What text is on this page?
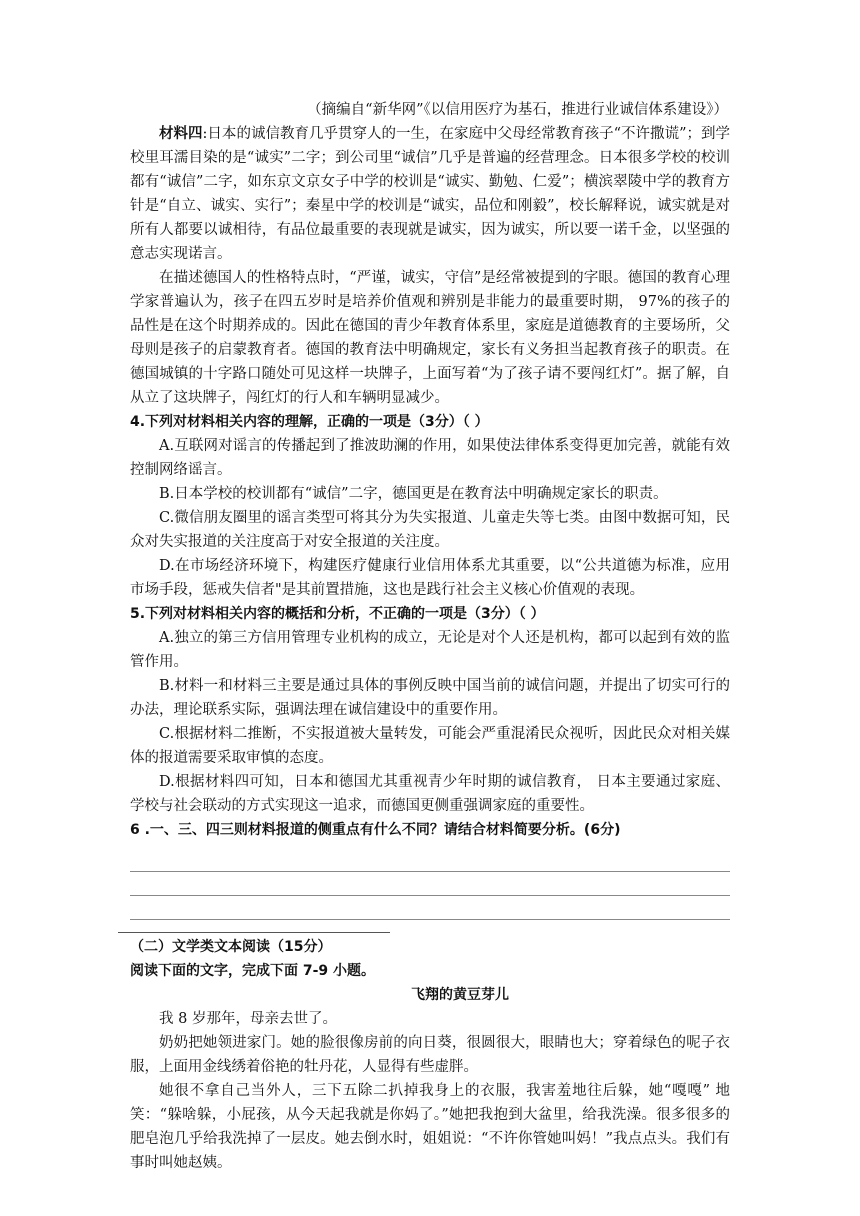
（摘编自“新华网”《以信用医疗为基石，推进行业诚信体系建设》）

材料四:日本的诚信教育几乎贯穿人的一生，在家庭中父母经常教育孩子“不许撒谎”；到学校里耳濡目染的是“诚实”二字；到公司里“诚信”几乎是普遍的经营理念。日本很多学校的校训都有“诚信”二字，如东京文京女子中学的校训是“诚实、勤勉、仁爱”；横滨翠陵中学的教育方针是“自立、诚实、实行”；秦星中学的校训是“诚实，品位和刚毅”，校长解释说，诚实就是对所有人都要以诚相待，有品位最重要的表现就是诚实，因为诚实，所以要一诺千金，以坚强的意志实现诺言。

在描述德国人的性格特点时，“严谨，诚实，守信”是经常被提到的字眼。德国的教育心理学家普遍认为，孩子在四五岁时是培养价值观和辨别是非能力的最重要时期， 97%的孩子的品性是在这个时期养成的。因此在德国的青少年教育体系里，家庭是道德教育的主要场所，父母则是孩子的启蒙教育者。德国的教育法中明确规定，家长有义务担当起教育孩子的职责。在德国城镇的十字路口随处可见这样一块牌子，上面写着“为了孩子请不要闯红灯”。据了解，自从立了这块牌子，闯红灯的行人和车辆明显减少。

4.下列对材料相关内容的理解，正确的一项是（3分）（ ）

A.互联网对谣言的传播起到了推波助澜的作用，如果使法律体系变得更加完善，就能有效控制网络谣言。

B.日本学校的校训都有“诚信”二字，德国更是在教育法中明确规定家长的职责。

C.微信朋友圈里的谣言类型可将其分为失实报道、儿童走失等七类。由图中数据可知，民众对失实报道的关注度高于对安全报道的关注度。

D.在市场经济环境下，构建医疗健康行业信用体系尤其重要，以“公共道德为标准，应用市场手段，惩戒失信者"是其前置措施，这也是践行社会主义核心价值观的表现。

5.下列对材料相关内容的概括和分析，不正确的一项是（3分）（ ）

A.独立的第三方信用管理专业机构的成立，无论是对个人还是机构，都可以起到有效的监管作用。

B.材料一和材料三主要是通过具体的事例反映中国当前的诚信问题，并提出了切实可行的办法，理论联系实际，强调法理在诚信建设中的重要作用。

C.根据材料二推断，不实报道被大量转发，可能会严重混淆民众视听，因此民众对相关媒体的报道需要采取审慎的态度。

D.根据材料四可知，日本和德国尤其重视青少年时期的诚信教育， 日本主要通过家庭、学校与社会联动的方式实现这一追求，而德国更侧重强调家庭的重要性。

6 .一、三、四三则材料报道的侧重点有什么不同？请结合材料简要分析。(6分)

（二）文学类文本阅读（15分）

阅读下面的文字，完成下面 7-9 小题。

飞翔的黄豆芽儿

我 8 岁那年，母亲去世了。

奶奶把她领进家门。她的脸很像房前的向日葵，很圆很大，眼睛也大；穿着绿色的呢子衣服，上面用金线绣着俗艳的牡丹花，人显得有些虚胖。

她很不拿自己当外人，三下五除二扒掉我身上的衣服，我害羞地往后躲，她“嘎嘎” 地笑：“躲啥躲，小屁孩，从今天起我就是你妈了。”她把我抱到大盆里，给我洗澡。很多很多的肥皂泡几乎给我洗掉了一层皮。她去倒水时，姐姐说：“不许你管她叫妈！”我点点头。我们有事时叫她赵姨。
